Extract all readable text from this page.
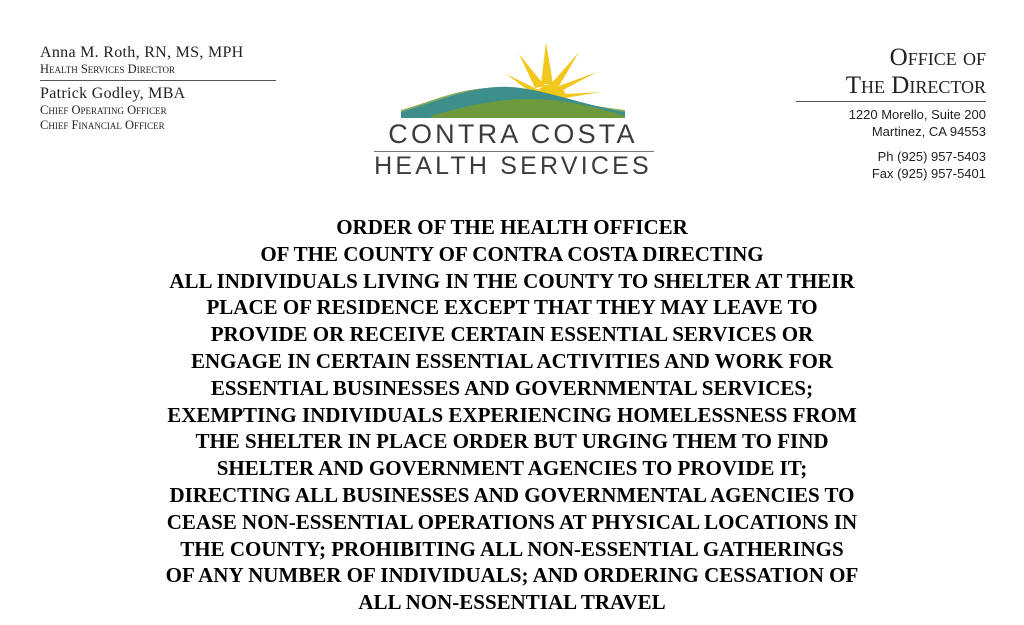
Anna M. Roth, RN, MS, MPH
Health Services Director
Patrick Godley, MBA
Chief Operating Officer
Chief Financial Officer	CONTRA COSTA
HEALTH SERVICES
Office of
The Director
1220 Morello, Suite 200
Martinez, CA 94553
Ph (925) 957-5403
Fax (925) 957-5401
ORDER OF THE HEALTH OFFICER
OF THE COUNTY OF CONTRA COSTA DIRECTING
ALL INDIVIDUALS LIVING IN THE COUNTY TO SHELTER AT THEIR
PLACE OF RESIDENCE EXCEPT THAT THEY MAY LEAVE TO
PROVIDE OR RECEIVE CERTAIN ESSENTIAL SERVICES OR
ENGAGE IN CERTAIN ESSENTIAL ACTIVITIES AND WORK FOR
ESSENTIAL BUSINESSES AND GOVERNMENTAL SERVICES;
EXEMPTING INDIVIDUALS EXPERIENCING HOMELESSNESS FROM
THE SHELTER IN PLACE ORDER BUT URGING THEM TO FIND
SHELTER AND GOVERNMENT AGENCIES TO PROVIDE IT;
DIRECTING ALL BUSINESSES AND GOVERNMENTAL AGENCIES TO
CEASE NON-ESSENTIAL OPERATIONS AT PHYSICAL LOCATIONS IN
THE COUNTY; PROHIBITING ALL NON-ESSENTIAL GATHERINGS
OF ANY NUMBER OF INDIVIDUALS; AND ORDERING CESSATION OF
ALL NON-ESSENTIAL TRAVEL
